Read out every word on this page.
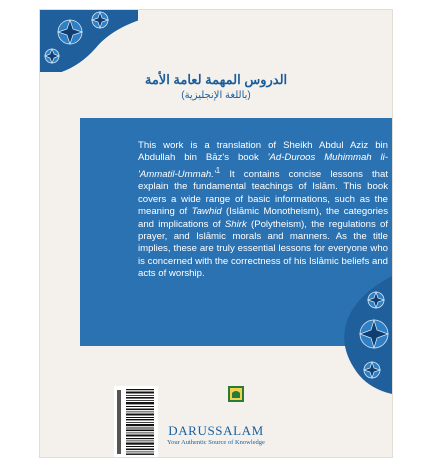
الدروس المهمة لعامة الأمة
(باللغة الإنجليزية)

This work is a translation of Sheikh Abdul Aziz bin Abdullah bin Bāz's book 'Ad-Duroos Muhimmah $li-'Ammatil-Ummah.'^1$ It contains concise lessons that explain the fundamental teachings of Islām. This book covers a wide range of basic informations, such as the meaning of Tawhid (Islāmic Monotheism), the categories and implications of Shirk (Polytheism), the regulations of prayer, and Islāmic morals and manners. As the title implies, these are truly essential lessons for everyone who is concerned with the correctness of his Islāmic beliefs and acts of worship.

DARUSSALAM
Your Authentic Source of Knowledge
